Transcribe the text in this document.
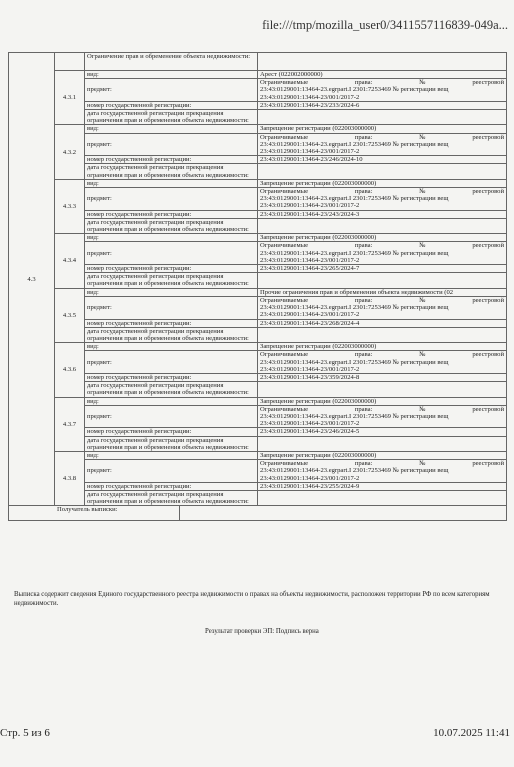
file:///tmp/mozilla_user0/3411557116839-049a...
4.3		Ограничение прав и обременение объекта недвижимости:		
	4.3.1	вид:		Арест (022002000000)
		предмет:		Ограничиваемые права: № реестровой
23:43:0129001:13464-23.egrpart.I 2301:7253469 № регистрации вещ 23:43:0129001:13464-23/001/2017-2

		номер государственной регистрации:		23:43:0129001:13464-23/233/2024-6
		дата государственной регистрации прекращения ограничения прав и обременения объекта недвижимости:		
	4.3.2	вид:		Запрещение регистрации (022003000000)
		предмет:		Ограничиваемые права: № реестровой
23:43:0129001:13464-23.egrpart.I 2301:7253469 № регистрации вещ 23:43:0129001:13464-23/001/2017-2

		номер государственной регистрации:		23:43:0129001:13464-23/246/2024-10
		дата государственной регистрации прекращения ограничения прав и обременения объекта недвижимости:		
	4.3.3	вид:		Запрещение регистрации (022003000000)
		предмет:		Ограничиваемые права: № реестровой
23:43:0129001:13464-23.egrpart.I 2301:7253469 № регистрации вещ 23:43:0129001:13464-23/001/2017-2

		номер государственной регистрации:		23:43:0129001:13464-23/243/2024-3
		дата государственной регистрации прекращения ограничения прав и обременения объекта недвижимости:		
	4.3.4	вид:		Запрещение регистрации (022003000000)
		предмет:		Ограничиваемые права: № реестровой
23:43:0129001:13464-23.egrpart.I 2301:7253469 № регистрации вещ 23:43:0129001:13464-23/001/2017-2

		номер государственной регистрации:		23:43:0129001:13464-23/265/2024-7
		дата государственной регистрации прекращения ограничения прав и обременения объекта недвижимости:		
	4.3.5	вид:		Прочие ограничения прав и обременения объекта недвижимости (02
		предмет:		Ограничиваемые права: № реестровой
23:43:0129001:13464-23.egrpart.I 2301:7253469 № регистрации вещ 23:43:0129001:13464-23/001/2017-2

		номер государственной регистрации:		23:43:0129001:13464-23/268/2024-4
		дата государственной регистрации прекращения ограничения прав и обременения объекта недвижимости:		
	4.3.6	вид:		Запрещение регистрации (022003000000)
		предмет:		Ограничиваемые права: № реестровой
23:43:0129001:13464-23.egrpart.I 2301:7253469 № регистрации вещ 23:43:0129001:13464-23/001/2017-2

		номер государственной регистрации:		23:43:0129001:13464-23/359/2024-8
		дата государственной регистрации прекращения ограничения прав и обременения объекта недвижимости:		
	4.3.7	вид:		Запрещение регистрации (022003000000)
		предмет:		Ограничиваемые права: № реестровой
23:43:0129001:13464-23.egrpart.I 2301:7253469 № регистрации вещ 23:43:0129001:13464-23/001/2017-2

		номер государственной регистрации:		23:43:0129001:13464-23/246/2024-5
		дата государственной регистрации прекращения ограничения прав и обременения объекта недвижимости:		
	4.3.8	вид:		Запрещение регистрации (022003000000)
		предмет:		Ограничиваемые права: № реестровой
23:43:0129001:13464-23.egrpart.I 2301:7253469 № регистрации вещ 23:43:0129001:13464-23/001/2017-2

		номер государственной регистрации:		23:43:0129001:13464-23/255/2024-9
		дата государственной регистрации прекращения ограничения прав и обременения объекта недвижимости:		
Получатель выписки:				
Выписка содержит сведения Единого государственного реестра недвижимости о правах на объекты недвижимости, расположен территории РФ по всем категориям недвижимости.
Результат проверки ЭП: Подпись верна
Стр. 5 из 6	10.07.2025 11:41
